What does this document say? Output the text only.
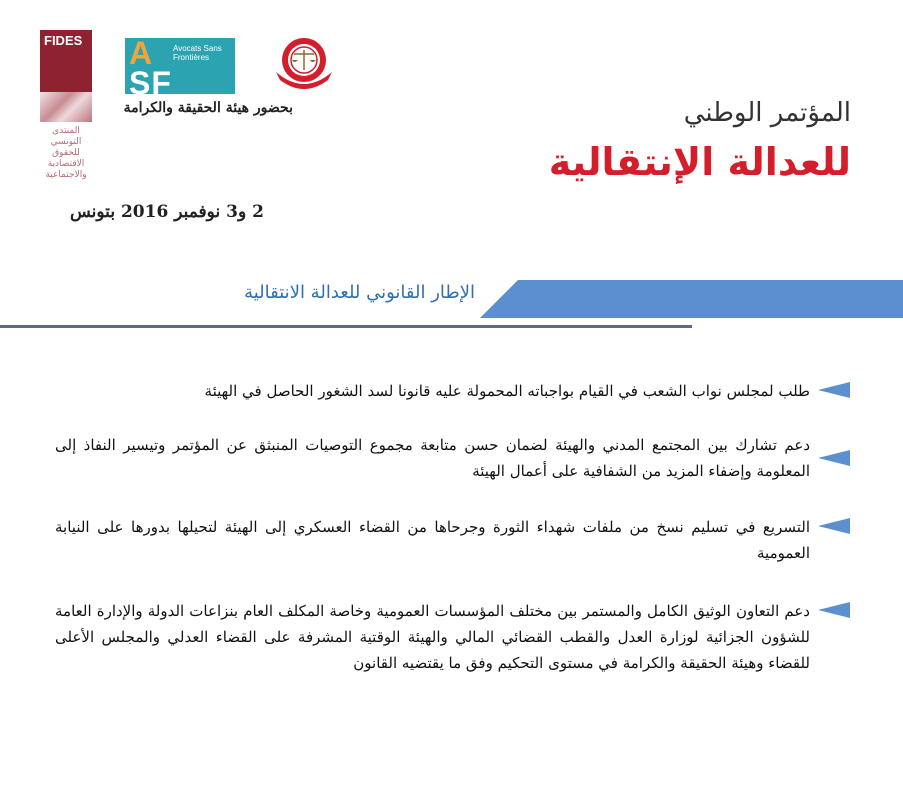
FIDES
المنتدى التونسي للحقوق الاقتصادية والاجتماعية
A
SF
Avocats Sans Frontières
بحضور هيئة الحقيقة والكرامة	المؤتمر الوطني
للعدالة الإنتقالية
2 و3 نوفمبر 2016 بتونس
الإطار القانوني للعدالة الانتقالية
طلب لمجلس نواب الشعب في القيام بواجباته المحمولة عليه قانونا لسد الشغور الحاصل في الهيئة
دعم تشارك بين المجتمع المدني والهيئة لضمان حسن متابعة مجموع التوصيات المنبثق عن المؤتمر وتيسير النفاذ إلى المعلومة وإضفاء المزيد من الشفافية على أعمال الهيئة
التسريع في تسليم نسخ من ملفات شهداء الثورة وجرحاها من القضاء العسكري إلى الهيئة لتحيلها بدورها على النيابة العمومية
دعم التعاون الوثيق الكامل والمستمر بين مختلف المؤسسات العمومية وخاصة المكلف العام بنزاعات الدولة والإدارة العامة للشؤون الجزائية لوزارة العدل والقطب القضائي المالي والهيئة الوقتية المشرفة على القضاء العدلي والمجلس الأعلى للقضاء وهيئة الحقيقة والكرامة في مستوى التحكيم وفق ما يقتضيه القانون
